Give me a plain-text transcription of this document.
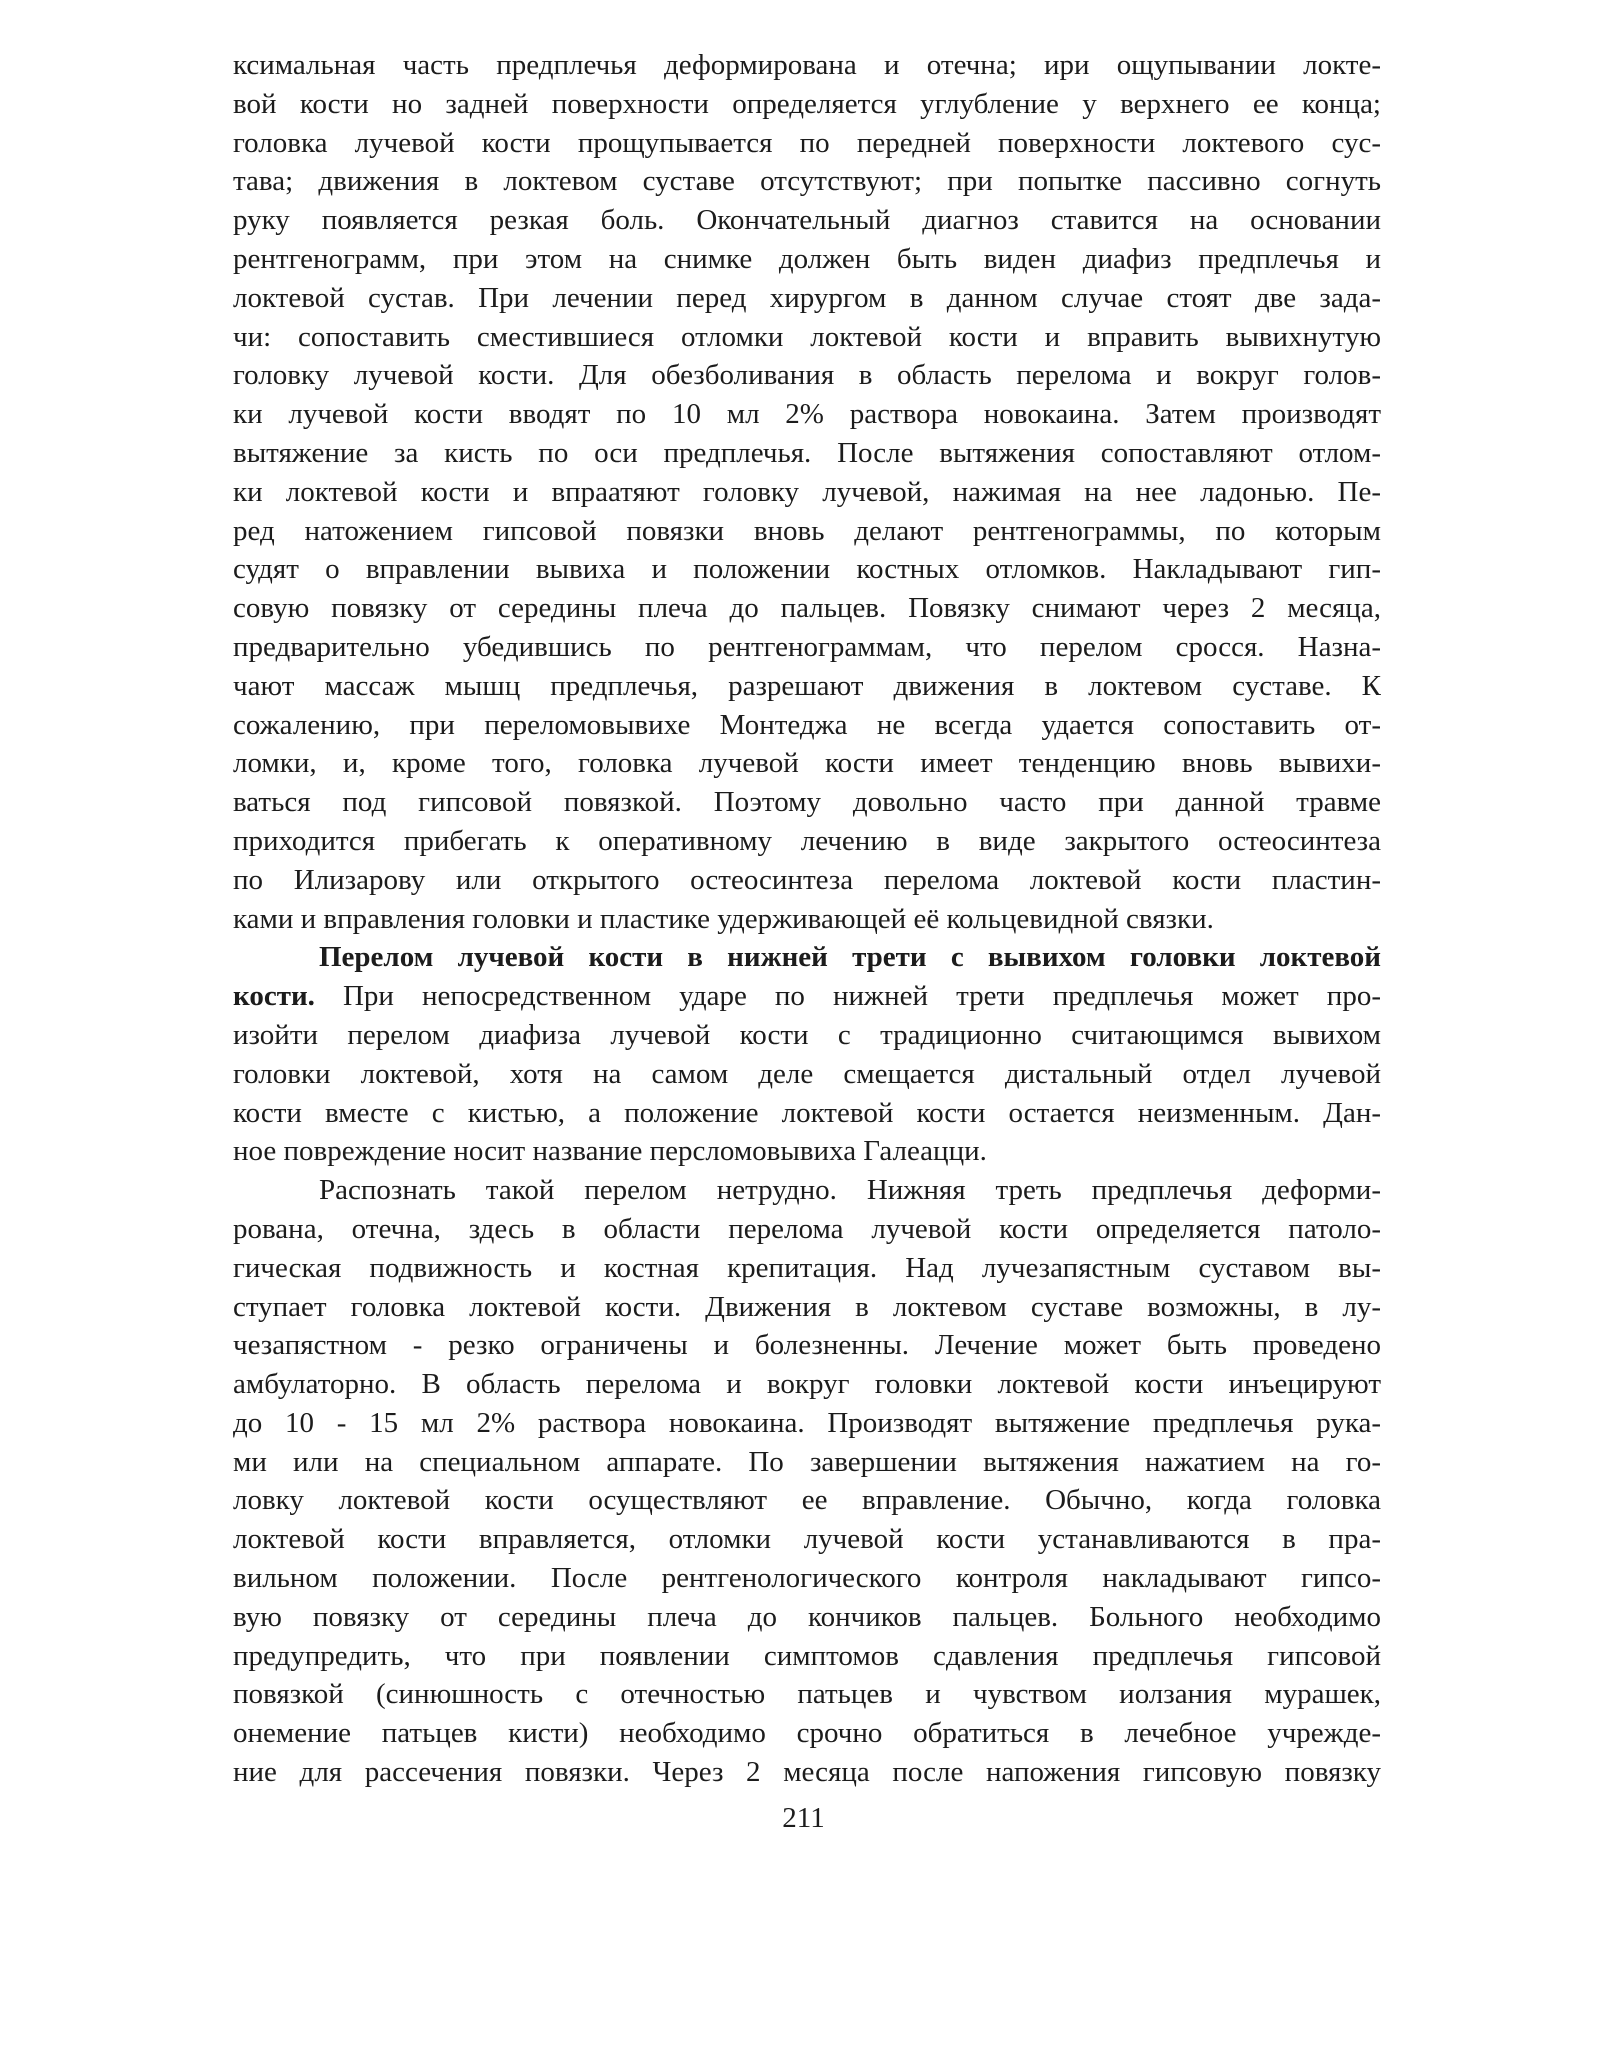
ксимальная часть предплечья деформирована и отечна; ири ощупывании локте-
вой кости но задней поверхности определяется углубление у верхнего ее конца;
головка лучевой кости прощупывается по передней поверхности локтевого сус-
тава; движения в локтевом суставе отсутствуют; при попытке пассивно согнуть
руку появляется резкая боль. Окончательный диагноз ставится на основании
рентгенограмм, при этом на снимке должен быть виден диафиз предплечья и
локтевой сустав. При лечении перед хирургом в данном случае стоят две зада-
чи: сопоставить сместившиеся отломки локтевой кости и вправить вывихнутую
головку лучевой кости. Для обезболивания в область перелома и вокруг голов-
ки лучевой кости вводят по 10 мл 2% раствора новокаина. Затем производят
вытяжение за кисть по оси предплечья. После вытяжения сопоставляют отлом-
ки локтевой кости и впраатяют головку лучевой, нажимая на нее ладонью. Пе-
ред натожением гипсовой повязки вновь делают рентгенограммы, по которым
судят о вправлении вывиха и положении костных отломков. Накладывают гип-
совую повязку от середины плеча до пальцев. Повязку снимают через 2 месяца,
предварительно убедившись по рентгенограммам, что перелом сросся. Назна-
чают массаж мышц предплечья, разрешают движения в локтевом суставе. К
сожалению, при переломовывихе Монтеджа не всегда удается сопоставить от-
ломки, и, кроме того, головка лучевой кости имеет тенденцию вновь вывихи-
ваться под гипсовой повязкой. Поэтому довольно часто при данной травме
приходится прибегать к оперативному лечению в виде закрытого остеосинтеза
по Илизарову или открытого остеосинтеза перелома локтевой кости пластин-
ками и вправления головки и пластике удерживающей её кольцевидной связки.
Перелом лучевой кости в нижней трети с вывихом головки локтевой
кости. При непосредственном ударе по нижней трети предплечья может про-
изойти перелом диафиза лучевой кости с традиционно считающимся вывихом
головки локтевой, хотя на самом деле смещается дистальный отдел лучевой
кости вместе с кистью, а положение локтевой кости остается неизменным. Дан-
ное повреждение носит название персломовывиха Галеацци.
Распознать такой перелом нетрудно. Нижняя треть предплечья деформи-
рована, отечна, здесь в области перелома лучевой кости определяется патоло-
гическая подвижность и костная крепитация. Над лучезапястным суставом вы-
ступает головка локтевой кости. Движения в локтевом суставе возможны, в лу-
чезапястном - резко ограничены и болезненны. Лечение может быть проведено
амбулаторно. В область перелома и вокруг головки локтевой кости инъецируют
до 10 - 15 мл 2% раствора новокаина. Производят вытяжение предплечья рука-
ми или на специальном аппарате. По завершении вытяжения нажатием на го-
ловку локтевой кости осуществляют ее вправление. Обычно, когда головка
локтевой кости вправляется, отломки лучевой кости устанавливаются в пра-
вильном положении. После рентгенологического контроля накладывают гипсо-
вую повязку от середины плеча до кончиков пальцев. Больного необходимо
предупредить, что при появлении симптомов сдавления предплечья гипсовой
повязкой (синюшность с отечностью патьцев и чувством иолзания мурашек,
онемение патьцев кисти) необходимо срочно обратиться в лечебное учрежде-
ние для рассечения повязки. Через 2 месяца после напожения гипсовую повязку
211
